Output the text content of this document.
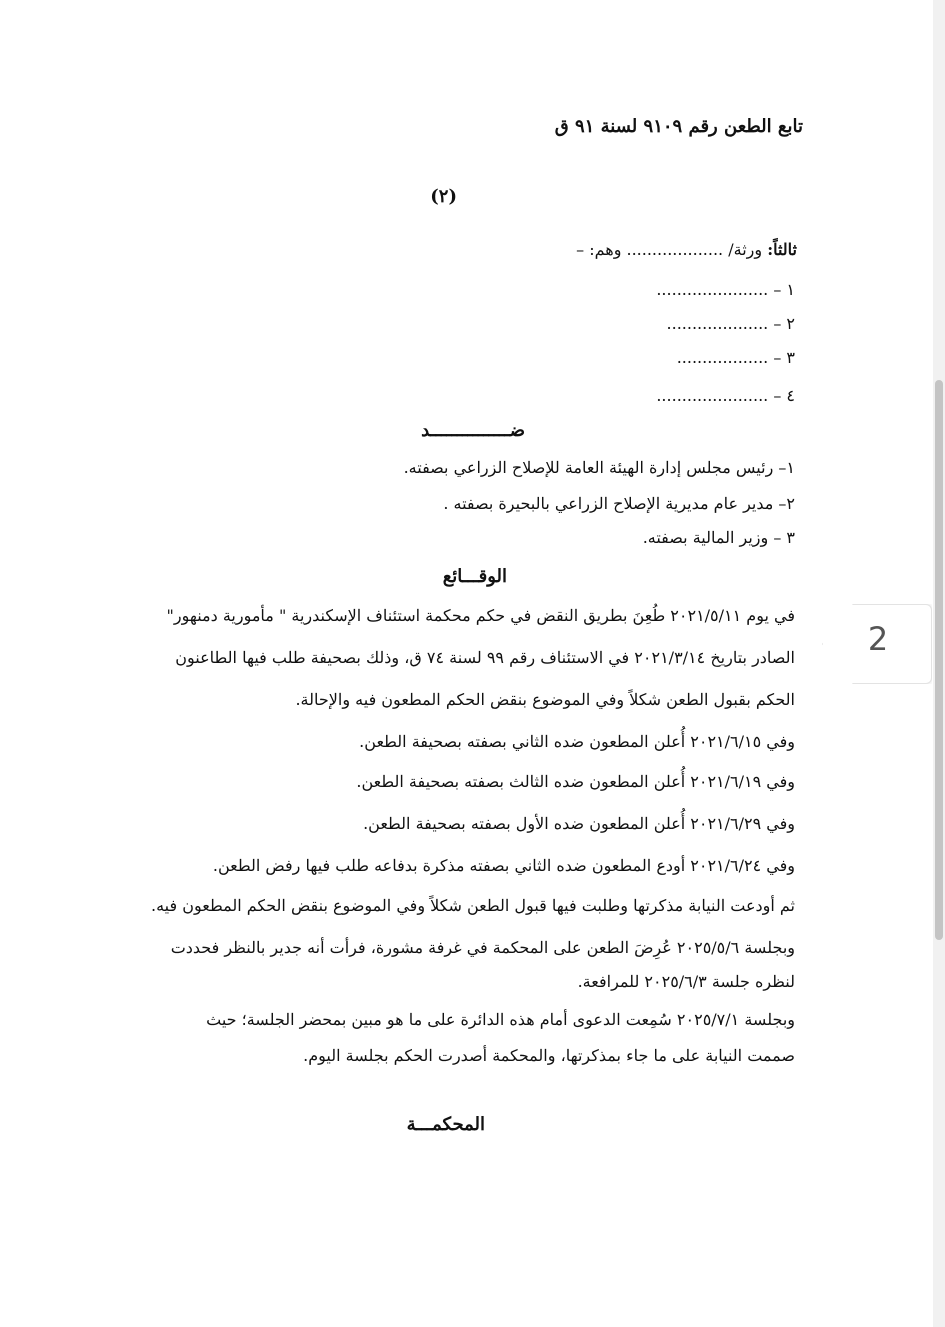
تابع الطعن رقم ٩١٠٩ لسنة ٩١ ق
(٢)
ثالثاً: ورثة/ ................... وهم: –
١ – ......................
٢ – ....................
٣ – ..................
٤ – ......................
ضـــــــــــــــد
١– رئيس مجلس إدارة الهيئة العامة للإصلاح الزراعي بصفته.
٢– مدير عام مديرية الإصلاح الزراعي بالبحيرة بصفته .
٣ – وزير المالية بصفته.
الوقـــائع
في يوم ٢٠٢١/٥/١١ طُعِنَ بطريق النقض في حكم محكمة استئناف الإسكندرية " مأمورية دمنهور"
الصادر بتاريخ ٢٠٢١/٣/١٤ في الاستئناف رقم ٩٩ لسنة ٧٤ ق، وذلك بصحيفة طلب فيها الطاعنون
الحكم بقبول الطعن شكلاً وفي الموضوع بنقض الحكم المطعون فيه والإحالة.
وفي ٢٠٢١/٦/١٥ أُعلن المطعون ضده الثاني بصفته بصحيفة الطعن.
وفي ٢٠٢١/٦/١٩ أُعلن المطعون ضده الثالث بصفته بصحيفة الطعن.
وفي ٢٠٢١/٦/٢٩ أُعلن المطعون ضده الأول بصفته بصحيفة الطعن.
وفي ٢٠٢١/٦/٢٤ أودع المطعون ضده الثاني بصفته مذكرة بدفاعه طلب فيها رفض الطعن.
ثم أودعت النيابة مذكرتها وطلبت فيها قبول الطعن شكلاً وفي الموضوع بنقض الحكم المطعون فيه.
وبجلسة ٢٠٢٥/٥/٦ عُرِضَ الطعن على المحكمة في غرفة مشورة، فرأت أنه جدير بالنظر فحددت
لنظره جلسة ٢٠٢٥/٦/٣ للمرافعة.
وبجلسة ٢٠٢٥/٧/١ سُمِعت الدعوى أمام هذه الدائرة على ما هو مبين بمحضر الجلسة؛ حيث
صممت النيابة على ما جاء بمذكرتها، والمحكمة أصدرت الحكم بجلسة اليوم.
المحكمـــة
2
